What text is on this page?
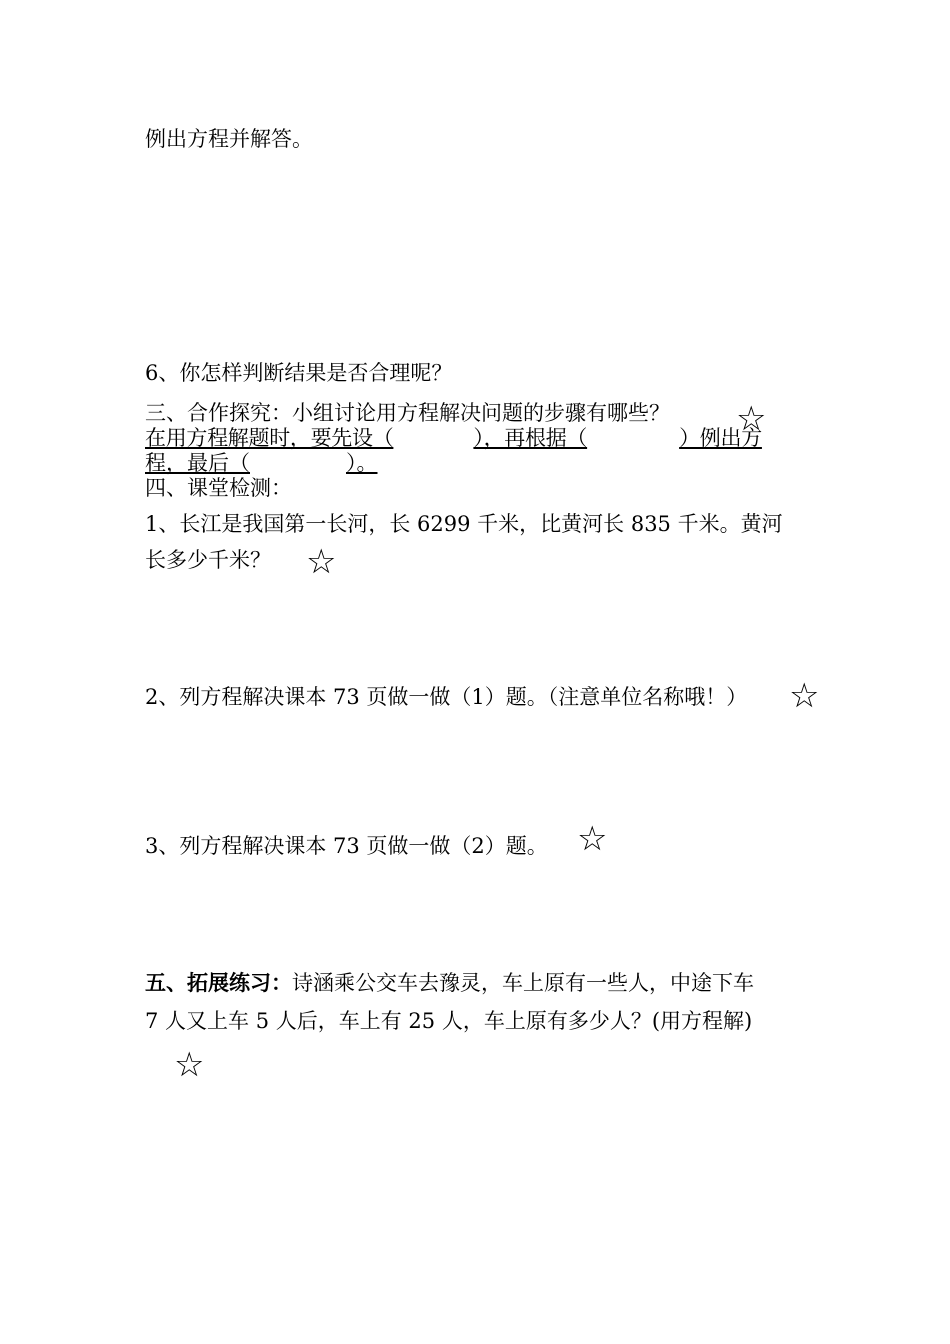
例出方程并解答。
6、你怎样判断结果是否合理呢？
三、合作探究：小组讨论用方程解决问题的步骤有哪些？
在用方程解题时，要先设（	），再根据（	）例出方
程，最后（	）。
四、课堂检测：
1、长江是我国第一长河，长 6299 千米，比黄河长 835 千米。黄河
长多少千米？
2、列方程解决课本 73 页做一做（1）题。（注意单位名称哦！）
3、列方程解决课本 73 页做一做（2）题。
五、拓展练习：诗涵乘公交车去豫灵，车上原有一些人，中途下车
7 人又上车 5 人后，车上有 25 人，车上原有多少人？(用方程解)
☆
☆
☆
☆
☆
